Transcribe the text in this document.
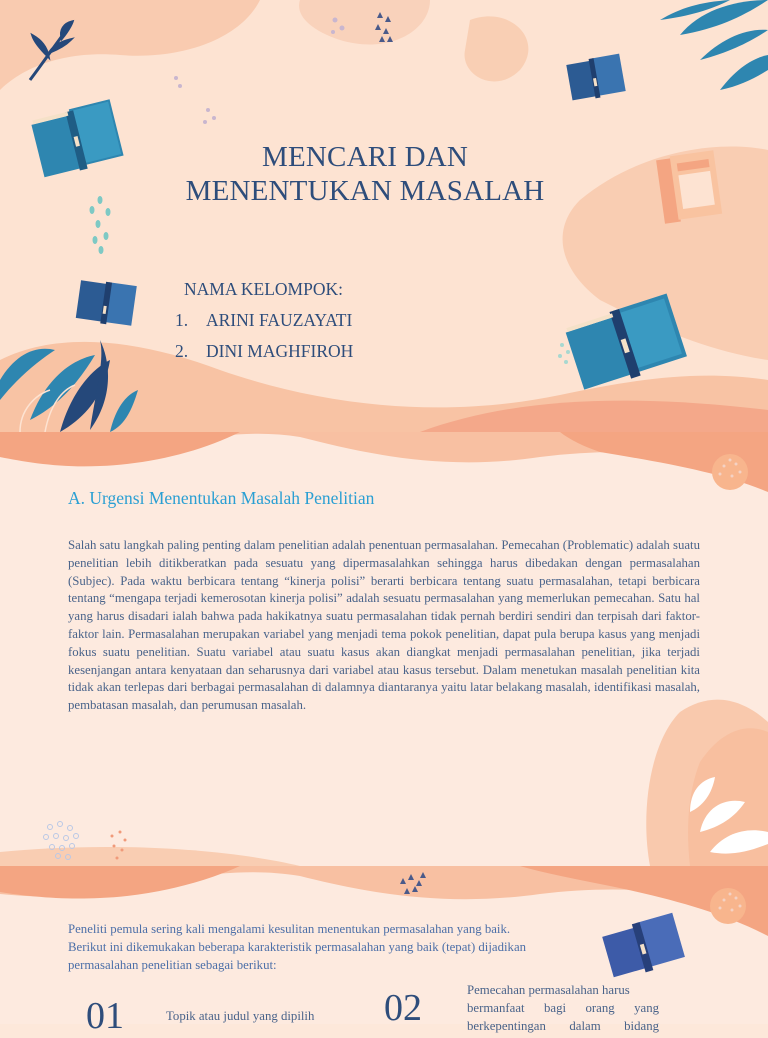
MENCARI DAN
MENENTUKAN MASALAH
NAMA KELOMPOK:
1. ARINI FAUZAYATI
2. DINI MAGHFIROH
A. Urgensi Menentukan Masalah Penelitian
Salah satu langkah paling penting dalam penelitian adalah penentuan permasalahan. Pemecahan (Problematic) adalah suatu penelitian lebih ditikberatkan pada sesuatu yang dipermasalahkan sehingga harus dibedakan dengan permasalahan (Subjec). Pada waktu berbicara tentang “kinerja polisi” berarti berbicara tentang suatu permasalahan, tetapi berbicara tentang “mengapa terjadi kemerosotan kinerja polisi” adalah sesuatu permasalahan yang memerlukan pemecahan. Satu hal yang harus disadari ialah bahwa pada hakikatnya suatu permasalahan tidak pernah berdiri sendiri dan terpisah dari faktor-faktor lain. Permasalahan merupakan variabel yang menjadi tema pokok penelitian, dapat pula berupa kasus yang menjadi fokus suatu penelitian. Suatu variabel atau suatu kasus akan diangkat menjadi permasalahan penelitian, jika terjadi kesenjangan antara kenyataan dan seharusnya dari variabel atau kasus tersebut. Dalam menetukan masalah penelitian kita tidak akan terlepas dari berbagai permasalahan di dalamnya diantaranya yaitu latar belakang masalah, identifikasi masalah, pembatasan masalah, dan perumusan masalah.
Peneliti pemula sering kali mengalami kesulitan menentukan permasalahan yang baik.
Berikut ini dikemukakan beberapa karakteristik permasalahan yang baik (tepat) dijadikan
permasalahan penelitian sebagai berikut:
01	Topik atau judul yang dipilih 02	Pemecahan permasalahan harus
bermanfaat bagi orang yang
berkepentingan dalam bidang
